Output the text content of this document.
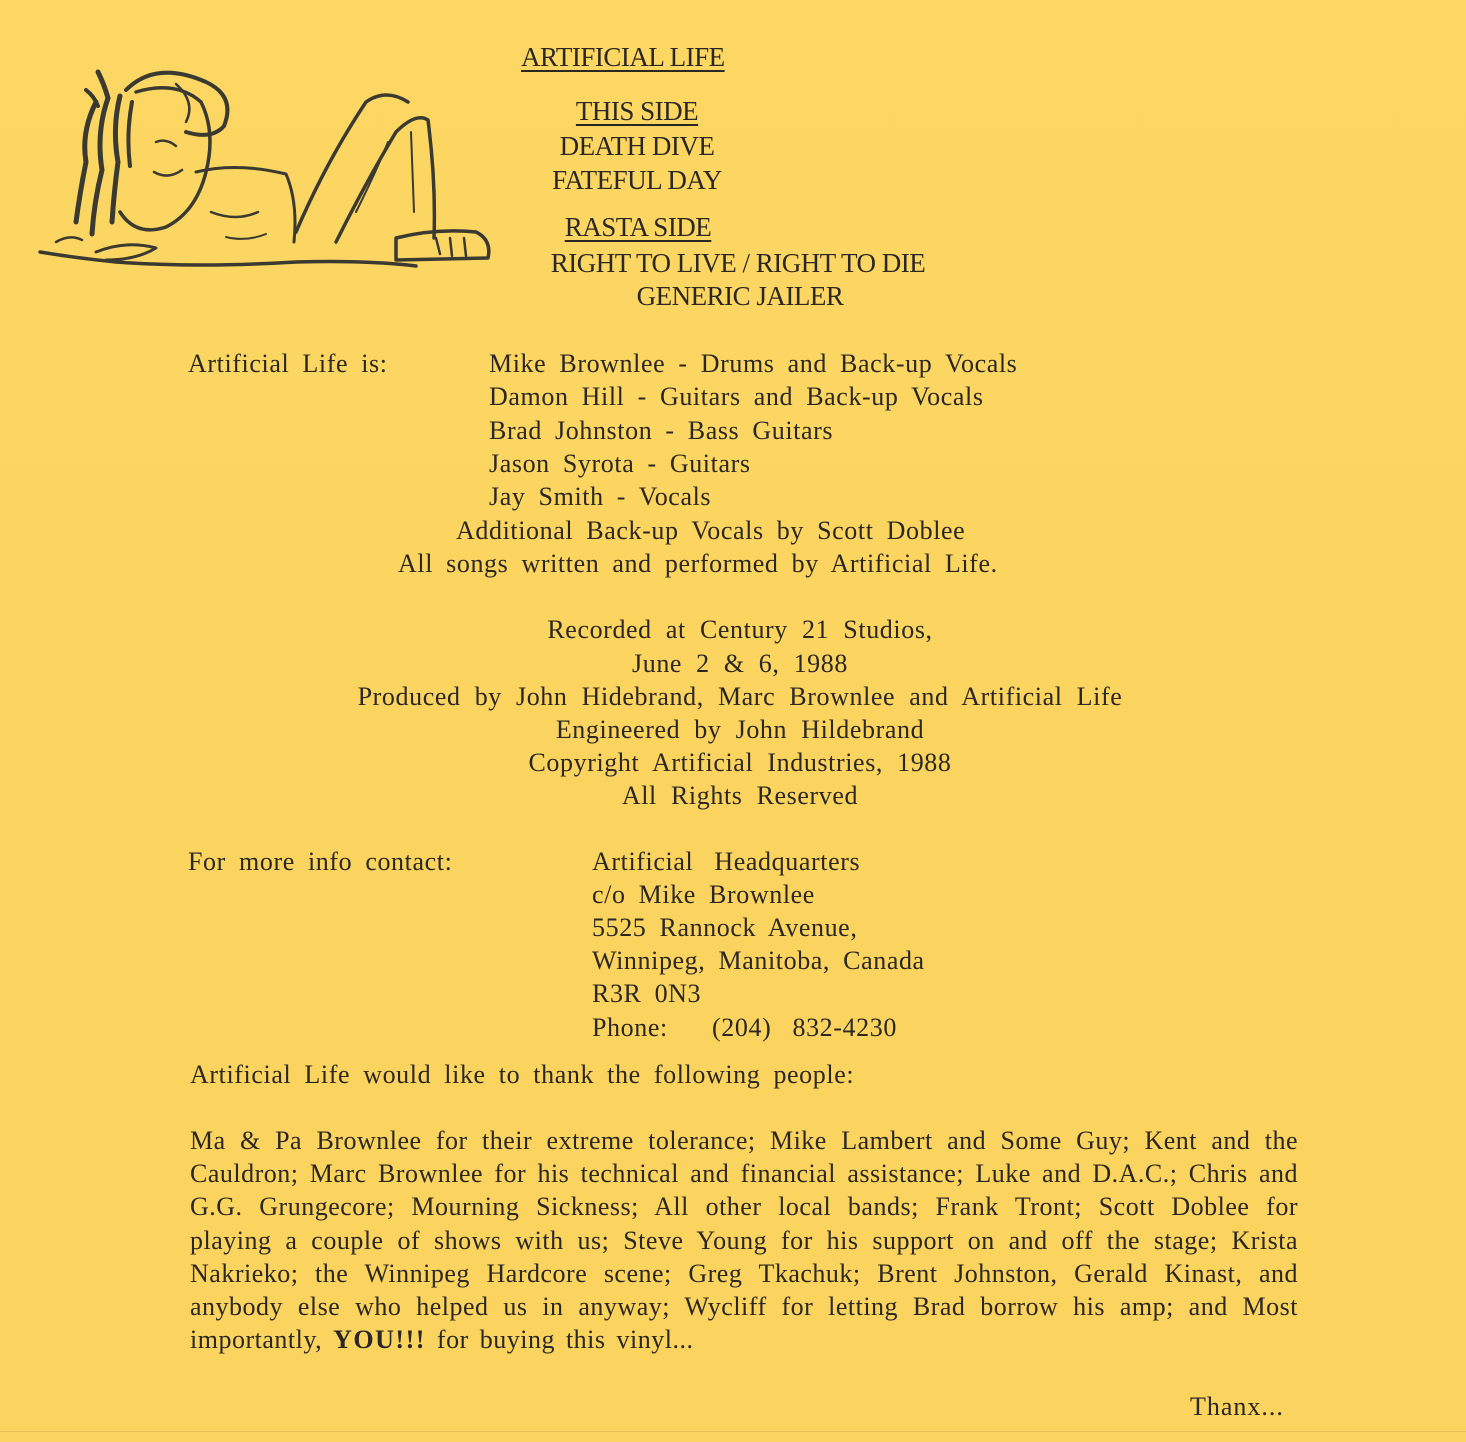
ARTIFICIAL LIFE
THIS SIDE
DEATH DIVE
FATEFUL DAY
RASTA SIDE
RIGHT TO LIVE / RIGHT TO DIE
GENERIC JAILER
Artificial Life is:	Mike Brownlee - Drums and Back-up Vocals
Damon Hill - Guitars and Back-up Vocals
Brad Johnston - Bass Guitars
Jason Syrota - Guitars
Jay Smith - Vocals
Additional Back-up Vocals by Scott Doblee
All songs written and performed by Artificial Life.
Recorded at Century 21 Studios,
June 2 & 6, 1988
Produced by John Hidebrand, Marc Brownlee and Artificial Life
Engineered by John Hildebrand
Copyright Artificial Industries, 1988
All Rights Reserved
For more info contact:	Artificial Headquarters
c/o Mike Brownlee
5525 Rannock Avenue,
Winnipeg, Manitoba, Canada
R3R 0N3
Phone: (204) 832-4230
Artificial Life would like to thank the following people:

Ma & Pa Brownlee for their extreme tolerance; Mike Lambert and Some Guy; Kent and the Cauldron; Marc Brownlee for his technical and financial assistance; Luke and D.A.C.; Chris and G.G. Grungecore; Mourning Sickness; All other local bands; Frank Tront; Scott Doblee for playing a couple of shows with us; Steve Young for his support on and off the stage; Krista Nakrieko; the Winnipeg Hardcore scene; Greg Tkachuk; Brent Johnston, Gerald Kinast, and anybody else who helped us in anyway; Wycliff for letting Brad borrow his amp; and Most importantly, YOU!!! for buying this vinyl...

Thanx...
